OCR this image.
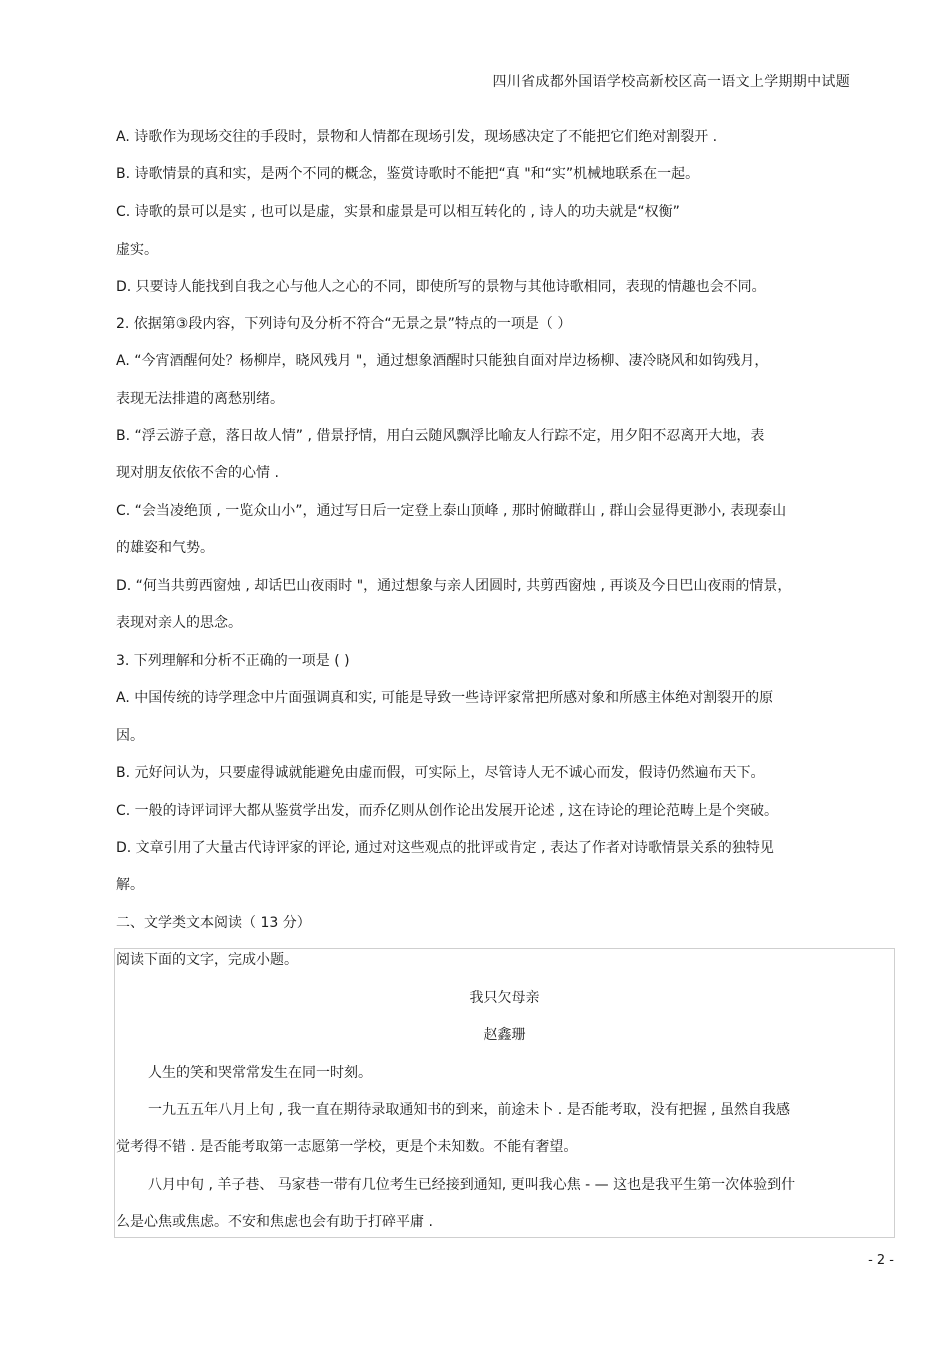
四川省成都外国语学校高新校区高一语文上学期期中试题
A. 诗歌作为现场交往的手段时，景物和人情都在现场引发，现场感决定了不能把它们绝对割裂开 .
B. 诗歌情景的真和实，是两个不同的概念，鉴赏诗歌时不能把“真 "和“实”机械地联系在一起。
C. 诗歌的景可以是实 , 也可以是虚，实景和虚景是可以相互转化的 , 诗人的功夫就是“权衡”
虚实。
D. 只要诗人能找到自我之心与他人之心的不同，即使所写的景物与其他诗歌相同，表现的情趣也会不同。
2. 依据第③段内容，下列诗句及分析不符合“无景之景”特点的一项是（ ）
A. “今宵酒醒何处？杨柳岸，晓风残月 "，通过想象酒醒时只能独自面对岸边杨柳、凄冷晓风和如钩残月，
表现无法排遣的离愁别绪。
B. “浮云游子意，落日故人情” , 借景抒情，用白云随风飘浮比喻友人行踪不定，用夕阳不忍离开大地，表
现对朋友依依不舍的心情 .
C. “会当凌绝顶 , 一览众山小”，通过写日后一定登上泰山顶峰 , 那时俯瞰群山 , 群山会显得更渺小, 表现泰山
的雄姿和气势。
D. “何当共剪西窗烛 , 却话巴山夜雨时 "，通过想象与亲人团圆时, 共剪西窗烛 , 再谈及今日巴山夜雨的情景，
表现对亲人的思念。
3. 下列理解和分析不正确的一项是 ( )
A. 中国传统的诗学理念中片面强调真和实, 可能是导致一些诗评家常把所感对象和所感主体绝对割裂开的原
因。
B. 元好问认为，只要虚得诚就能避免由虚而假，可实际上，尽管诗人无不诚心而发，假诗仍然遍布天下。
C. 一般的诗评词评大都从鉴赏学出发，而乔亿则从创作论出发展开论述 , 这在诗论的理论范畴上是个突破。
D. 文章引用了大量古代诗评家的评论, 通过对这些观点的批评或肯定 , 表达了作者对诗歌情景关系的独特见
解。
二、文学类文本阅读（ 13 分）
阅读下面的文字，完成小题。
我只欠母亲
赵鑫珊
人生的笑和哭常常发生在同一时刻。
一九五五年八月上旬 , 我一直在期待录取通知书的到来，前途未卜 . 是否能考取，没有把握 , 虽然自我感
觉考得不错 . 是否能考取第一志愿第一学校，更是个未知数。不能有奢望。
八月中旬 , 羊子巷、 马家巷一带有几位考生已经接到通知, 更叫我心焦 - — 这也是我平生第一次体验到什
么是心焦或焦虑。不安和焦虑也会有助于打碎平庸 .
- 2 -
